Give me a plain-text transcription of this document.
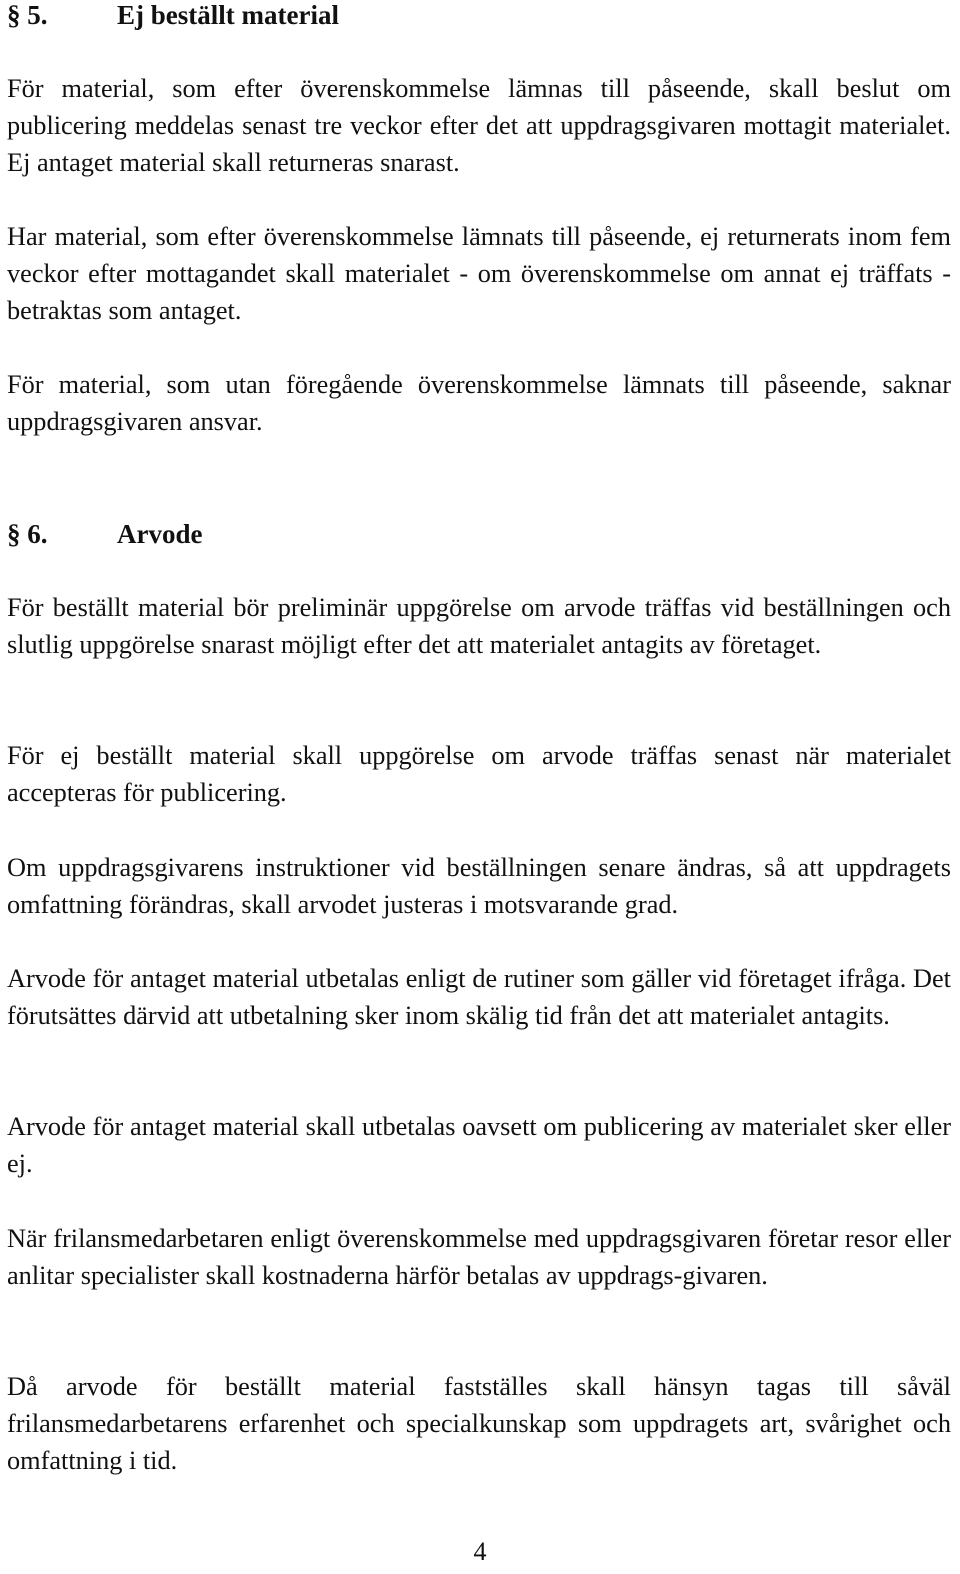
§ 5.	Ej beställt material

För material, som efter överenskommelse lämnas till påseende, skall beslut om publicering meddelas senast tre veckor efter det att uppdragsgivaren mottagit materialet. Ej antaget material skall returneras snarast.

Har material, som efter överenskommelse lämnats till påseende, ej returnerats inom fem veckor efter mottagandet skall materialet - om överenskommelse om annat ej träffats - betraktas som antaget.

För material, som utan föregående överenskommelse lämnats till påseende, saknar uppdragsgivaren ansvar.

§ 6.	Arvode

För beställt material bör preliminär uppgörelse om arvode träffas vid beställningen och slutlig uppgörelse snarast möjligt efter det att materialet antagits av företaget.

För ej beställt material skall uppgörelse om arvode träffas senast när materialet accepteras för publicering.

Om uppdragsgivarens instruktioner vid beställningen senare ändras, så att uppdragets omfattning förändras, skall arvodet justeras i motsvarande grad.

Arvode för antaget material utbetalas enligt de rutiner som gäller vid företaget ifråga. Det förutsättes därvid att utbetalning sker inom skälig tid från det att materialet antagits.

Arvode för antaget material skall utbetalas oavsett om publicering av materialet sker eller ej.

När frilansmedarbetaren enligt överenskommelse med uppdragsgivaren företar resor eller anlitar specialister skall kostnaderna härför betalas av uppdrags-givaren.

Då arvode för beställt material fastställes skall hänsyn tagas till såväl frilansmedarbetarens erfarenhet och specialkunskap som uppdragets art, svårighet och omfattning i tid.

4
